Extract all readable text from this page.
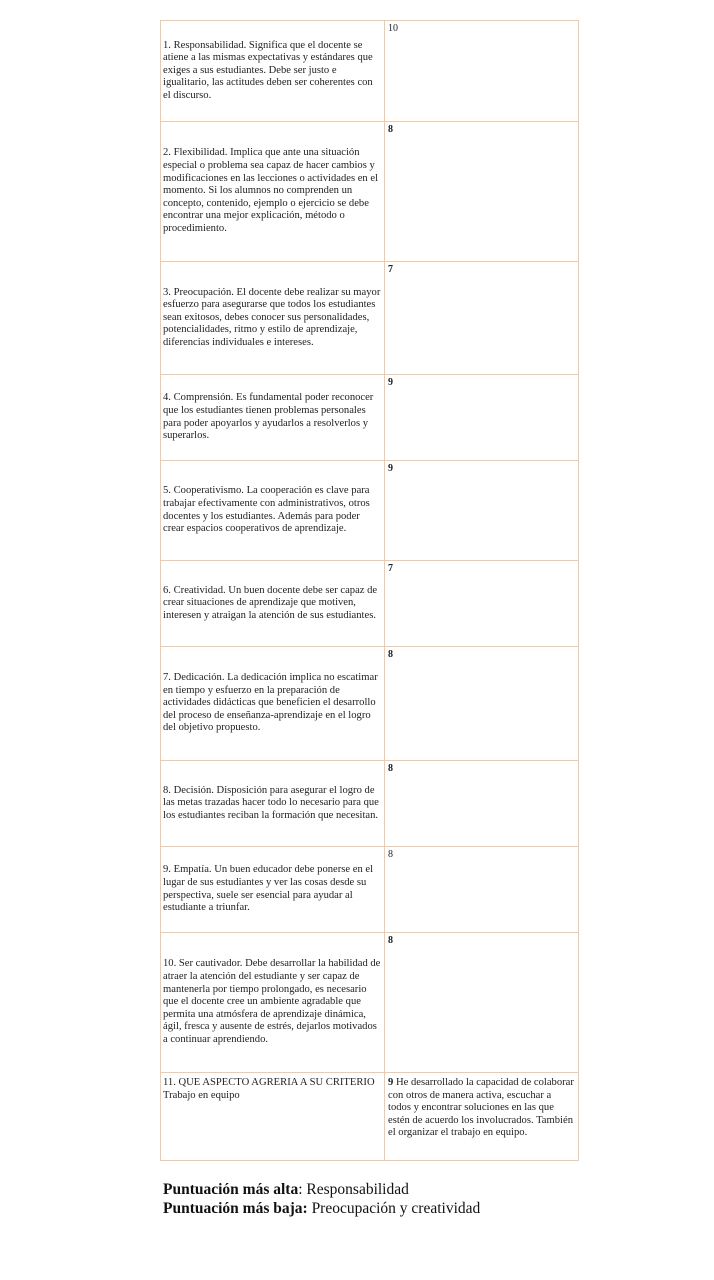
1. Responsabilidad. Significa que el docente se atiene a las mismas expectativas y estándares que exiges a sus estudiantes. Debe ser justo e igualitario, las actitudes deben ser coherentes con el discurso.	10

2. Flexibilidad. Implica que ante una situación especial o problema sea capaz de hacer cambios y modificaciones en las lecciones o actividades en el momento. Si los alumnos no comprenden un concepto, contenido, ejemplo o ejercicio se debe encontrar una mejor explicación, método o procedimiento.	8

3. Preocupación. El docente debe realizar su mayor esfuerzo para asegurarse que todos los estudiantes sean exitosos, debes conocer sus personalidades, potencialidades, ritmo y estilo de aprendizaje, diferencias individuales e intereses.	7

4. Comprensión. Es fundamental poder reconocer que los estudiantes tienen problemas personales para poder apoyarlos y ayudarlos a resolverlos y superarlos.	9

5. Cooperativismo. La cooperación es clave para trabajar efectivamente con administrativos, otros docentes y los estudiantes. Además para poder crear espacios cooperativos de aprendizaje.	9

6. Creatividad. Un buen docente debe ser capaz de crear situaciones de aprendizaje que motiven, interesen y atraigan la atención de sus estudiantes.	7

7. Dedicación. La dedicación implica no escatimar en tiempo y esfuerzo en la preparación de actividades didácticas que beneficien el desarrollo del proceso de enseñanza-aprendizaje en el logro del objetivo propuesto.	8

8. Decisión. Disposición para asegurar el logro de las metas trazadas hacer todo lo necesario para que los estudiantes reciban la formación que necesitan.	8

9. Empatía. Un buen educador debe ponerse en el lugar de sus estudiantes y ver las cosas desde su perspectiva, suele ser esencial para ayudar al estudiante a triunfar.	8

10. Ser cautivador. Debe desarrollar la habilidad de atraer la atención del estudiante y ser capaz de mantenerla por tiempo prolongado, es necesario que el docente cree un ambiente agradable que permita una atmósfera de aprendizaje dinámica, ágil, fresca y ausente de estrés, dejarlos motivados a continuar aprendiendo.	8

11. QUE ASPECTO AGRERIA A SU CRITERIO
Trabajo en equipo	9 He desarrollado la capacidad de colaborar con otros de manera activa, escuchar a todos y encontrar soluciones en las que estén de acuerdo los involucrados. También el organizar el trabajo en equipo.
Puntuación más alta: Responsabilidad
Puntuación más baja: Preocupación y creatividad
